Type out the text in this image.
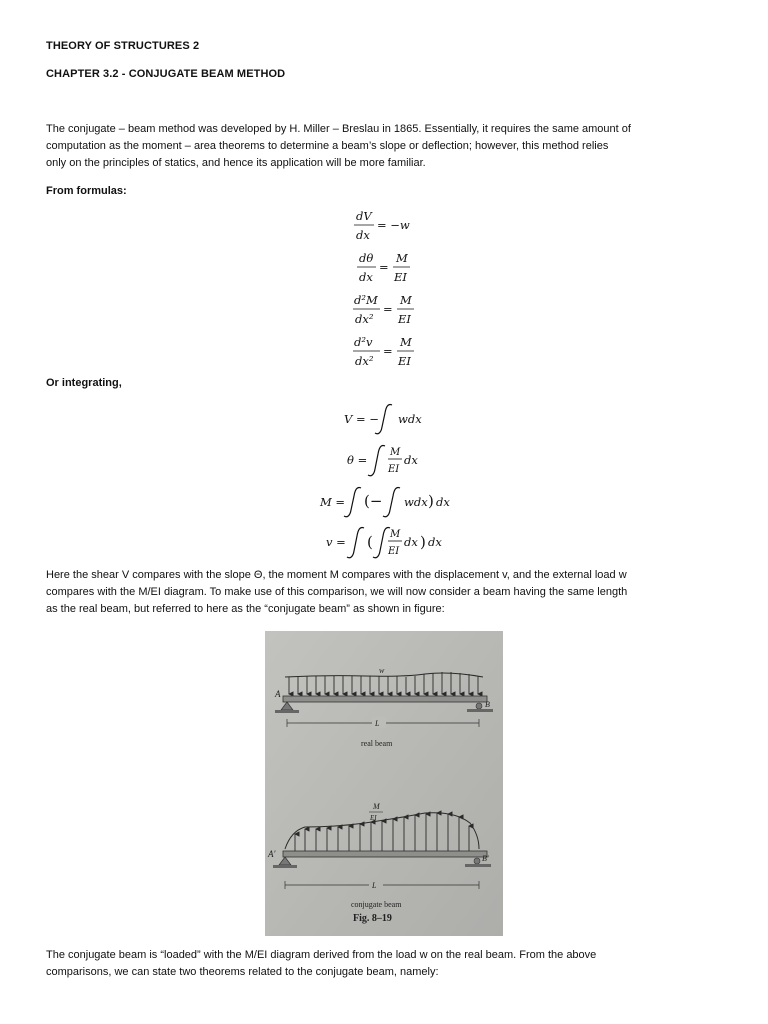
THEORY OF STRUCTURES 2
CHAPTER 3.2 - CONJUGATE BEAM METHOD
The conjugate – beam method was developed by H. Miller – Breslau in 1865. Essentially, it requires the same amount of
computation as the moment – area theorems to determine a beam’s slope or deflection; however, this method relies
only on the principles of statics, and hence its application will be more familiar.
From formulas:
dV
dx
= −w
dθ
dx
=
M
EI
d²M
dx²
=
M
EI
d²v
dx²
=
M
EI
Or integrating,
V = − wdx
θ =
M
EI
dx
M = (− wdx ) dx
v = ( M
EI
dx ) dx
Here the shear V compares with the slope Θ, the moment M compares with the displacement v, and the external load w
compares with the M/EI diagram. To make use of this comparison, we will now consider a beam having the same length
as the real beam, but referred to here as the “conjugate beam” as shown in figure:
w
A
B
L
real beam
M
EI
A′	B′
L
conjugate beam
Fig. 8–19
The conjugate beam is “loaded” with the M/EI diagram derived from the load w on the real beam. From the above
comparisons, we can state two theorems related to the conjugate beam, namely:
